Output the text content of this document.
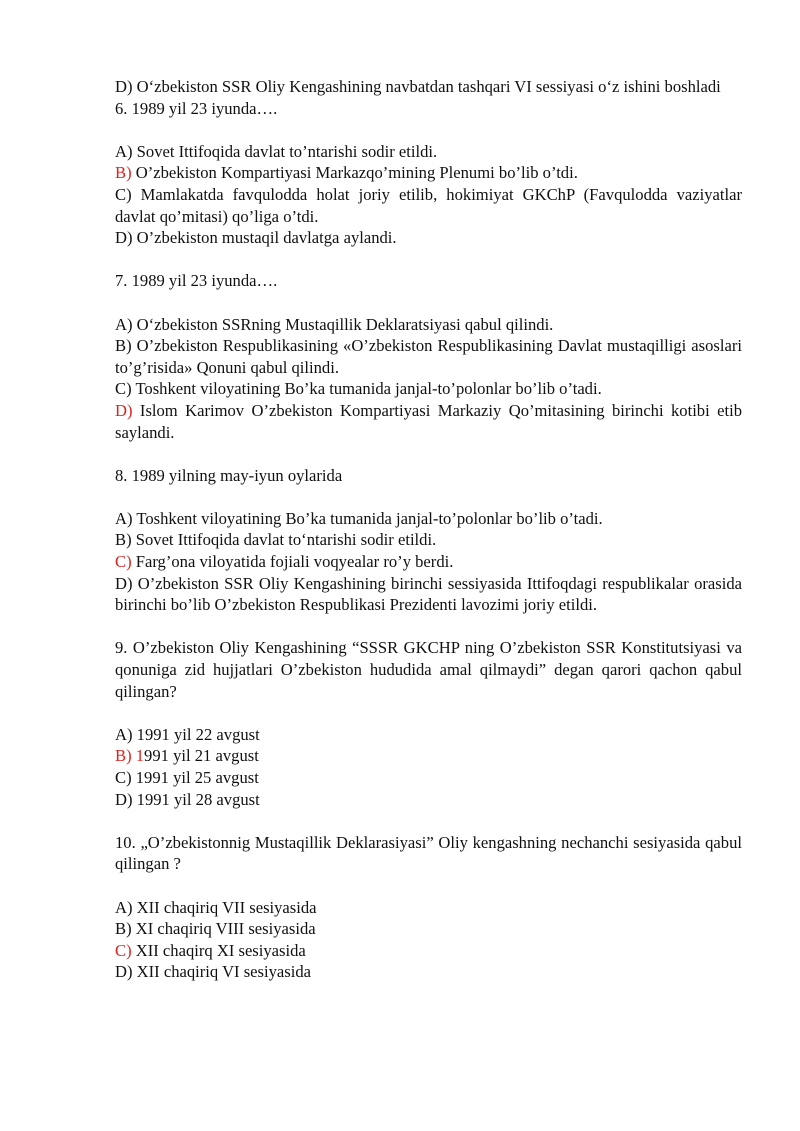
D) O‘zbekiston SSR Oliy Kengashining navbatdan tashqari VI sessiyasi o‘z ishini boshladi

6. 1989 yil 23 iyunda….

A) Sovet Ittifoqida davlat to’ntarishi sodir etildi.

B) O’zbekiston Kompartiyasi Markazqo’mining Plenumi bo’lib o’tdi.

C) Mamlakatda favqulodda holat joriy etilib, hokimiyat GKChP (Favqulodda vaziyatlar davlat qo’mitasi) qo’liga o’tdi.

D) O’zbekiston mustaqil davlatga aylandi.

7. 1989 yil 23 iyunda….

A) O‘zbekiston SSRning Mustaqillik Deklaratsiyasi qabul qilindi.

B) O’zbekiston Respublikasining «O’zbekiston Respublikasining Davlat mustaqilligi asoslari to’g’risida» Qonuni qabul qilindi.

C) Toshkent viloyatining Bo’ka tumanida janjal-to’polonlar bo’lib o’tadi.

D) Islom Karimov O’zbekiston Kompartiyasi Markaziy Qo’mitasining birinchi kotibi etib saylandi.

8. 1989 yilning may-iyun oylarida

A) Toshkent viloyatining Bo’ka tumanida janjal-to’polonlar bo’lib o’tadi.

B) Sovet Ittifoqida davlat to‘ntarishi sodir etildi.

C) Farg’ona viloyatida fojiali voqyealar ro’y berdi.

D) O’zbekiston SSR Oliy Kengashining birinchi sessiyasida Ittifoqdagi respublikalar orasida birinchi bo’lib O’zbekiston Respublikasi Prezidenti lavozimi joriy etildi.

9. O’zbekiston Oliy Kengashining “SSSR GKCHP ning O’zbekiston SSR Konstitutsiyasi va qonuniga zid hujjatlari O’zbekiston hududida amal qilmaydi” degan qarori qachon qabul qilingan?

A) 1991 yil 22 avgust

B) 1991 yil 21 avgust

C) 1991 yil 25 avgust

D) 1991 yil 28 avgust

10. „O’zbekistonnig Mustaqillik Deklarasiyasi” Oliy kengashning nechanchi sesiyasida qabul qilingan ?

A) XII chaqiriq VII sesiyasida

B) XI chaqiriq VIII sesiyasida

C) XII chaqirq XI sesiyasida

D) XII chaqiriq VI sesiyasida
